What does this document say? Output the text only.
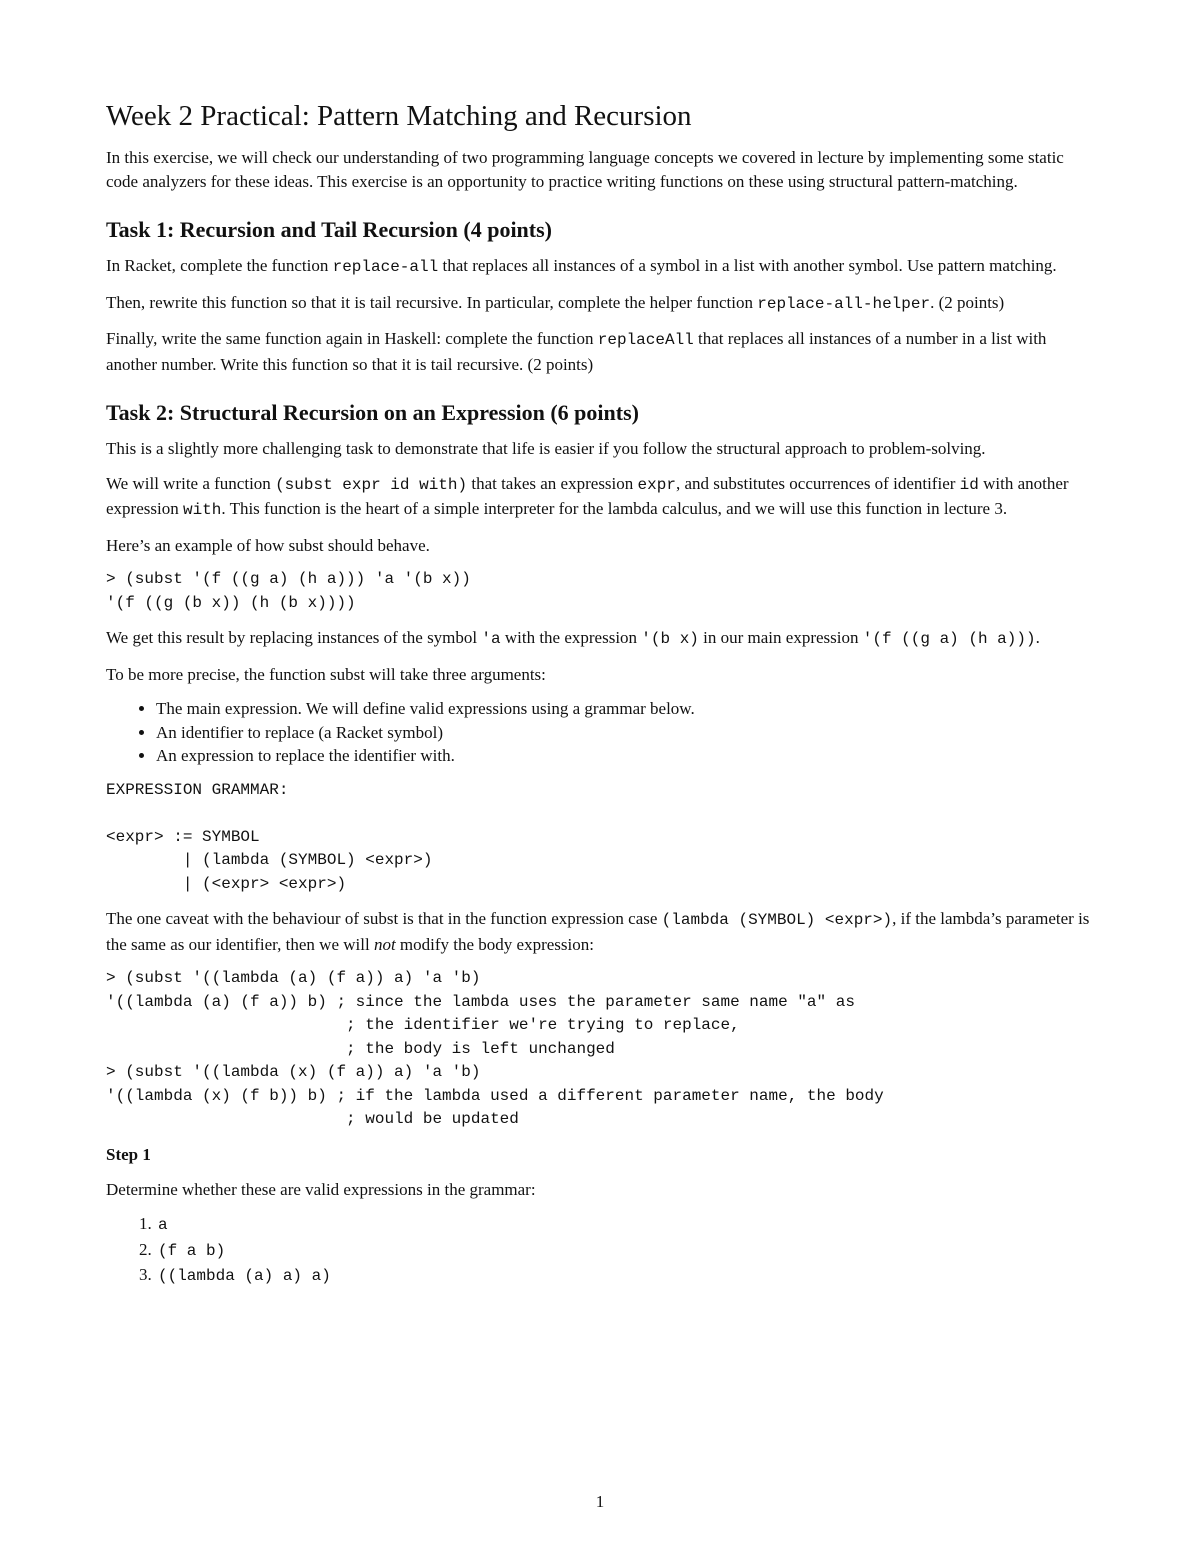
Week 2 Practical: Pattern Matching and Recursion

In this exercise, we will check our understanding of two programming language concepts we covered in lecture by implementing some static code analyzers for these ideas. This exercise is an opportunity to practice writing functions on these using structural pattern-matching.

Task 1: Recursion and Tail Recursion (4 points)

In Racket, complete the function replace-all that replaces all instances of a symbol in a list with another symbol. Use pattern matching.

Then, rewrite this function so that it is tail recursive. In particular, complete the helper function replace-all-helper. (2 points)

Finally, write the same function again in Haskell: complete the function replaceAll that replaces all instances of a number in a list with another number. Write this function so that it is tail recursive. (2 points)

Task 2: Structural Recursion on an Expression (6 points)

This is a slightly more challenging task to demonstrate that life is easier if you follow the structural approach to problem-solving.

We will write a function (subst expr id with) that takes an expression expr, and substitutes occurrences of identifier id with another expression with. This function is the heart of a simple interpreter for the lambda calculus, and we will use this function in lecture 3.

Here’s an example of how subst should behave.

> (subst '(f ((g a) (h a))) 'a '(b x))
'(f ((g (b x)) (h (b x))))

We get this result by replacing instances of the symbol 'a with the expression '(b x) in our main expression '(f ((g a) (h a))).

To be more precise, the function subst will take three arguments:

• The main expression. We will define valid expressions using a grammar below.
• An identifier to replace (a Racket symbol)
• An expression to replace the identifier with.
EXPRESSION GRAMMAR:

<expr> := SYMBOL
| (lambda (SYMBOL) <expr>)
| (<expr> <expr>)

The one caveat with the behaviour of subst is that in the function expression case (lambda (SYMBOL) <expr>), if the lambda’s parameter is the same as our identifier, then we will not modify the body expression:

> (subst '((lambda (a) (f a)) a) 'a 'b)
'((lambda (a) (f a)) b) ; since the lambda uses the parameter same name "a" as
; the identifier we're trying to replace,
; the body is left unchanged
> (subst '((lambda (x) (f a)) a) 'a 'b)
'((lambda (x) (f b)) b) ; if the lambda used a different parameter name, the body
; would be updated
Step 1

Determine whether these are valid expressions in the grammar:

1. a
2. (f a b)
3. ((lambda (a) a) a)
1
